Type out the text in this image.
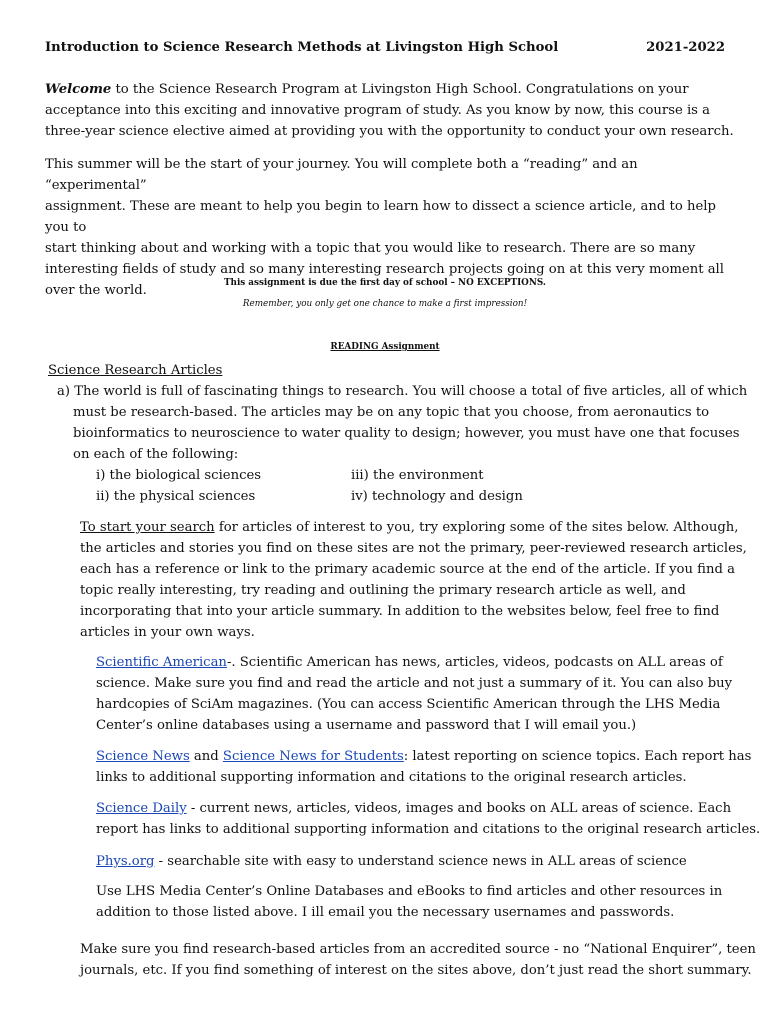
Introduction to Science Research Methods at Livingston High School	2021-2022

Welcome to the Science Research Program at Livingston High School. Congratulations on your

acceptance into this exciting and innovative program of study. As you know by now, this course is a

three-year science elective aimed at providing you with the opportunity to conduct your own research.

This summer will be the start of your journey. You will complete both a “reading” and an “experimental”

assignment. These are meant to help you begin to learn how to dissect a science article, and to help you to

start thinking about and working with a topic that you would like to research. There are so many

interesting fields of study and so many interesting research projects going on at this very moment all

over the world.	This assignment is due the first day of school – NO EXCEPTIONS.
Remember, you only get one chance to make a first impression!
READING Assignment
Science Research Articles

a) The world is full of fascinating things to research. You will choose a total of five articles, all of which

must be research-based. The articles may be on any topic that you choose, from aeronautics to

bioinformatics to neuroscience to water quality to design; however, you must have one that focuses

on each of the following:

i) the biological sciences
ii) the physical sciences
iii) the environment
iv) technology and design

To start your search for articles of interest to you, try exploring some of the sites below. Although,

the articles and stories you find on these sites are not the primary, peer-reviewed research articles,

each has a reference or link to the primary academic source at the end of the article. If you find a

topic really interesting, try reading and outlining the primary research article as well, and

incorporating that into your article summary. In addition to the websites below, feel free to find

articles in your own ways.

Scientific American-. Scientific American has news, articles, videos, podcasts on ALL areas of

science. Make sure you find and read the article and not just a summary of it. You can also buy

hardcopies of SciAm magazines. (You can access Scientific American through the LHS Media

Center’s online databases using a username and password that I will email you.)

Science News and Science News for Students: latest reporting on science topics. Each report has

links to additional supporting information and citations to the original research articles.

Science Daily - current news, articles, videos, images and books on ALL areas of science. Each

report has links to additional supporting information and citations to the original research articles.

Phys.org - searchable site with easy to understand science news in ALL areas of science

Use LHS Media Center’s Online Databases and eBooks to find articles and other resources in

addition to those listed above. I ill email you the necessary usernames and passwords.

Make sure you find research-based articles from an accredited source - no “National Enquirer”, teen

journals, etc. If you find something of interest on the sites above, don’t just read the short summary.
